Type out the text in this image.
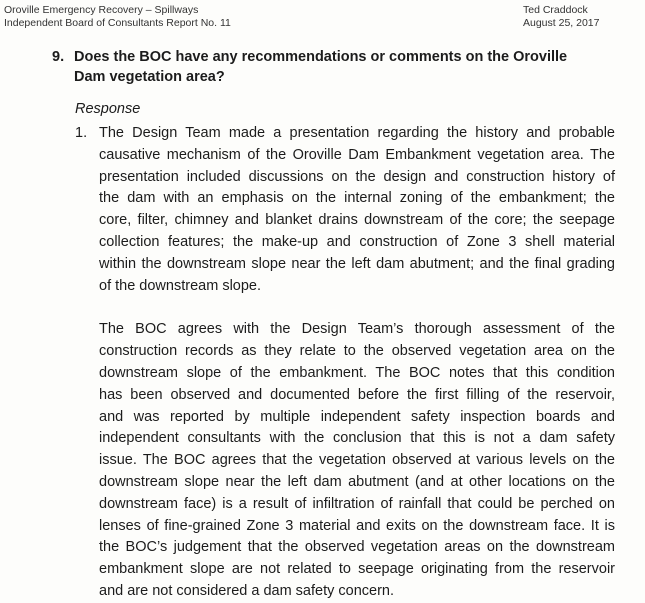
Oroville Emergency Recovery – Spillways
Independent Board of Consultants Report No. 11
Ted Craddock
August 25, 2017
9. Does the BOC have any recommendations or comments on the Oroville
Dam vegetation area?
Response
1. The Design Team made a presentation regarding the history and probable
causative mechanism of the Oroville Dam Embankment vegetation area. The
presentation included discussions on the design and construction history of
the dam with an emphasis on the internal zoning of the embankment; the
core, filter, chimney and blanket drains downstream of the core; the seepage
collection features; the make-up and construction of Zone 3 shell material
within the downstream slope near the left dam abutment; and the final grading
of the downstream slope.
The BOC agrees with the Design Team’s thorough assessment of the
construction records as they relate to the observed vegetation area on the
downstream slope of the embankment. The BOC notes that this condition
has been observed and documented before the first filling of the reservoir,
and was reported by multiple independent safety inspection boards and
independent consultants with the conclusion that this is not a dam safety
issue. The BOC agrees that the vegetation observed at various levels on the
downstream slope near the left dam abutment (and at other locations on the
downstream face) is a result of infiltration of rainfall that could be perched on
lenses of fine-grained Zone 3 material and exits on the downstream face. It is
the BOC’s judgement that the observed vegetation areas on the downstream
embankment slope are not related to seepage originating from the reservoir
and are not considered a dam safety concern.
